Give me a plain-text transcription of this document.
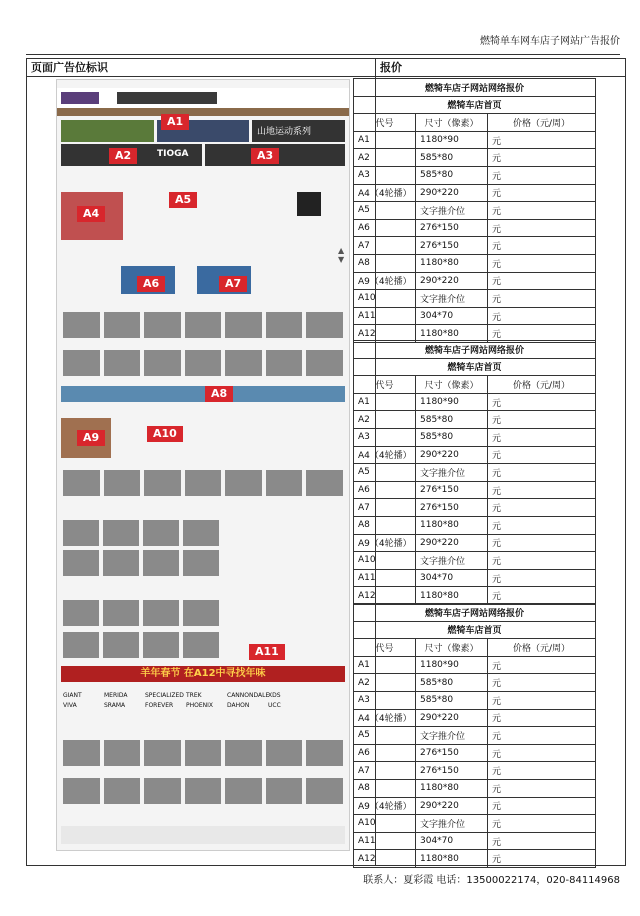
燃犄单车网车店子网站广告报价
页面广告位标识	报价
A1
山地运动系列
A2	TIOGA	A3
A4
A5
A6	A7
▲
▼
A8
A9	A10
A11
羊年春节 在A12中寻找年味
GIANT	MERIDA	SPECIALIZED TREK	CANNONDALE
XDS
VIVA	SRAMA	FOREVER	PHOENIX	DAHON	UCC
燃犄车店子网站网络报价		
燃犄车店首页		
代号	尺寸（像素）	价格（元/周）
A1	1180*90	元
A2	585*80	元
A3	585*80	元
A4（4轮播）	290*220	元
A5	文字推介位	元
A6	276*150	元
A7	276*150	元
A8	1180*80	元
A9（4轮播）	290*220	元
A10	文字推介位	元
A11	304*70	元
A12	1180*80	元
燃犄车店子网站网络报价		
燃犄车店首页		
代号	尺寸（像素）	价格（元/周）
A1	1180*90	元
A2	585*80	元
A3	585*80	元
A4（4轮播）	290*220	元
A5	文字推介位	元
A6	276*150	元
A7	276*150	元
A8	1180*80	元
A9（4轮播）	290*220	元
A10	文字推介位	元
A11	304*70	元
A12	1180*80	元
燃犄车店子网站网络报价		
燃犄车店首页		
代号	尺寸（像素）	价格（元/周）
A1	1180*90	元
A2	585*80	元
A3	585*80	元
A4（4轮播）	290*220	元
A5	文字推介位	元
A6	276*150	元
A7	276*150	元
A8	1180*80	元
A9（4轮播）	290*220	元
A10	文字推介位	元
A11	304*70	元
A12	1180*80	元
联系人：夏彩霞 电话：13500022174，020-84114968
